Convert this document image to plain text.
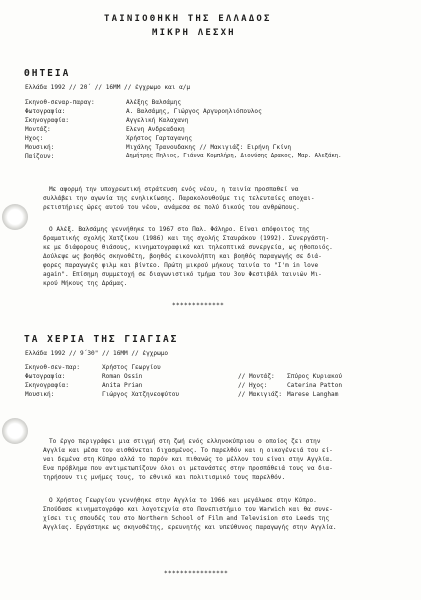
ΤΑΙΝΙΟΘΗΚΗ ΤΗΣ ΕΛΛΑΔΟΣ
ΜΙΚΡΗ ΛΕΣΧΗ
ΘΗΤΕΙΑ
Ελλάδα 1992 // 20΄ // 16ΜΜ // έγχρωμο και α/μ
Σκηνοθ-σεναρ-παραγ:	Αλέξης Βαλσάμης
Φωτογραφία:	Α. Βαλσάμης, Γιώργος Αργυροηλιόπουλος
Σκηνογραφία:	Αγγελική Καλαχανη
Μοντάζ:	Ελενη Ανδρεαδακη
Ηχος:	Χρήστος Γαρταγανης
Μουσική:	Μιχάλης Τρανουδακης // Μακιγιάζ: Ειρήνη Γκίνη
Παίζουν:	Δημήτρης Πηλιος, Γιάννα Κομπλήρη, Διονύσης Δρακος, Μαρ. Αλεξάκη.
Με αφορμή την υποχρεωτική στράτευση ενός νέου, η ταινία προσπαθεί να
συλλάβει την αγωνία της ενηλικίωσης. Παρακολουθούμε τις τελευταίες αποχαι-
ρετιστήριες ώρες αυτού του νέου, ανάμεσα σε πολύ δικούς του ανθρώπους.
Ο Αλέξ. Βαλσάμης γεννήθηκε το 1967 στο Παλ. Φάληρο. Είναι απόφοιτος της
δραματικής σχολής Χατζίκου (1986) και της σχολής Σταυράκου (1992). Συνεργάστη-
κε με διάφορους θιάσους, κινηματογραφικά και τηλεοπτικά συνεργεία, ως ηθοποιός.
Δούλεψε ως βοηθός σκηνοθέτη, βοηθός εικονολήπτη και βοηθός παραγωγής σε διά-
φορες παραγωγές φιλμ και βίντεο. Πρώτη μικρού μήκους ταινία το "I'm in love
again". Επίσημη συμμετοχή σε διαγωνιστικό τμήμα του 3ου Φεστιβάλ ταινιών Μι-
κρού Μήκους της Δράμας.
*************
ΤΑ ΧΕΡΙΑ ΤΗΣ ΓΙΑΓΙΑΣ
Ελλάδα 1992 // 9΄30" // 16ΜΜ // έγχρωμο
Σκηνοθ-σεν-παρ:	Χρήστος Γεωργίου
Φωτογραφία:	Roman Ossin	// Μοντάζ: Σπύρος Κυριακού
Σκηνογραφία:	Anita Prian	// Ηχος:	Caterina Patton
Μουσική:	Γιώργος Χατζηνεοφύτου	// Μακιγιάζ: Marese Langham
Το έργο περιγράφει μια στιγμή στη ζωή ενός ελληνοκύπριου ο οποίος ζει στην
Αγγλία και μέσα του αισθάνεται διχασμένος. Το παρελθόν και η οικογένειά του εί-
ναι δεμένα στη Κύπρο αλλά το παρόν και πιθανώς το μέλλον του είναι στην Αγγλία.
Ενα πρόβλημα που αντιμετωπίζουν όλοι οι μετανάστες στην προσπάθειά τους να δια-
τηρήσουν τις μνήμες τους, το εθνικό και πολιτισμικό τους παρελθόν.
Ο Χρήστος Γεωργίου γεννήθηκε στην Αγγλία το 1966 και μεγάλωσε στην Κύπρο.
Σπούδασε κινηματογράφο και λογοτεχνία στο Πανεπιστήμιο του Warwich και θα συνε-
χίσει τις σπουδές του στο Northern School of Film and Television στο Leeds της
Αγγλίας. Εργάστηκε ως σκηνοθέτης, ερευνητής και υπεύθυνος παραγωγής στην Αγγλία.
****************
